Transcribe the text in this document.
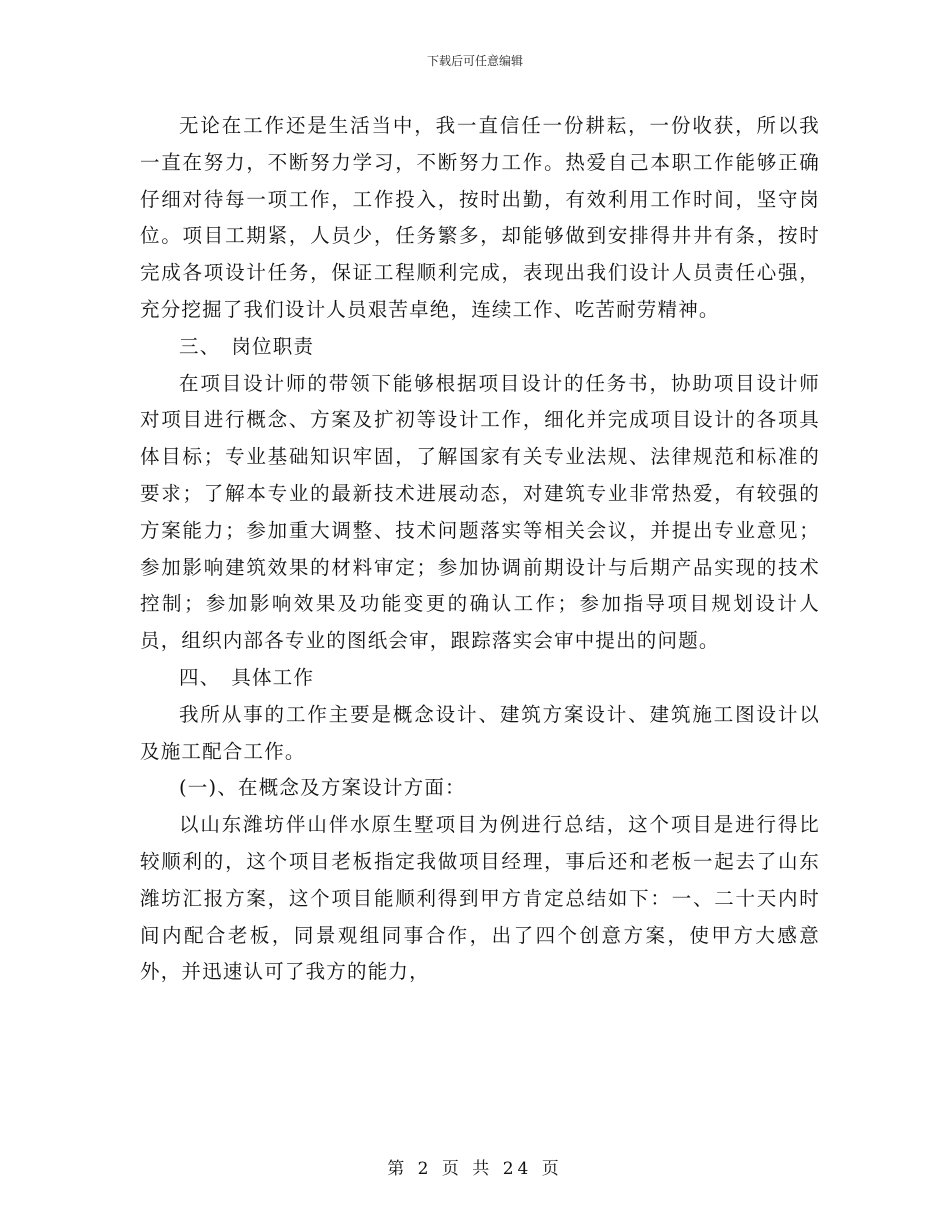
下载后可任意编辑

无论在工作还是生活当中，我一直信任一份耕耘，一份收获，所以我一直在努力，不断努力学习，不断努力工作。热爱自己本职工作能够正确仔细对待每一项工作，工作投入，按时出勤，有效利用工作时间，坚守岗位。项目工期紧，人员少，任务繁多，却能够做到安排得井井有条，按时完成各项设计任务，保证工程顺利完成，表现出我们设计人员责任心强，充分挖掘了我们设计人员艰苦卓绝，连续工作、吃苦耐劳精神。

三、　岗位职责

在项目设计师的带领下能够根据项目设计的任务书，协助项目设计师对项目进行概念、方案及扩初等设计工作，细化并完成项目设计的各项具体目标；专业基础知识牢固，了解国家有关专业法规、法律规范和标准的要求；了解本专业的最新技术进展动态，对建筑专业非常热爱，有较强的方案能力；参加重大调整、技术问题落实等相关会议，并提出专业意见；参加影响建筑效果的材料审定；参加协调前期设计与后期产品实现的技术控制；参加影响效果及功能变更的确认工作；参加指导项目规划设计人员，组织内部各专业的图纸会审，跟踪落实会审中提出的问题。

四、　具体工作

我所从事的工作主要是概念设计、建筑方案设计、建筑施工图设计以及施工配合工作。

(一)、在概念及方案设计方面：

以山东潍坊伴山伴水原生墅项目为例进行总结，这个项目是进行得比较顺利的，这个项目老板指定我做项目经理，事后还和老板一起去了山东潍坊汇报方案，这个项目能顺利得到甲方肯定总结如下：一、二十天内时间内配合老板，同景观组同事合作，出了四个创意方案，使甲方大感意外，并迅速认可了我方的能力，

第 2 页 共 24 页
